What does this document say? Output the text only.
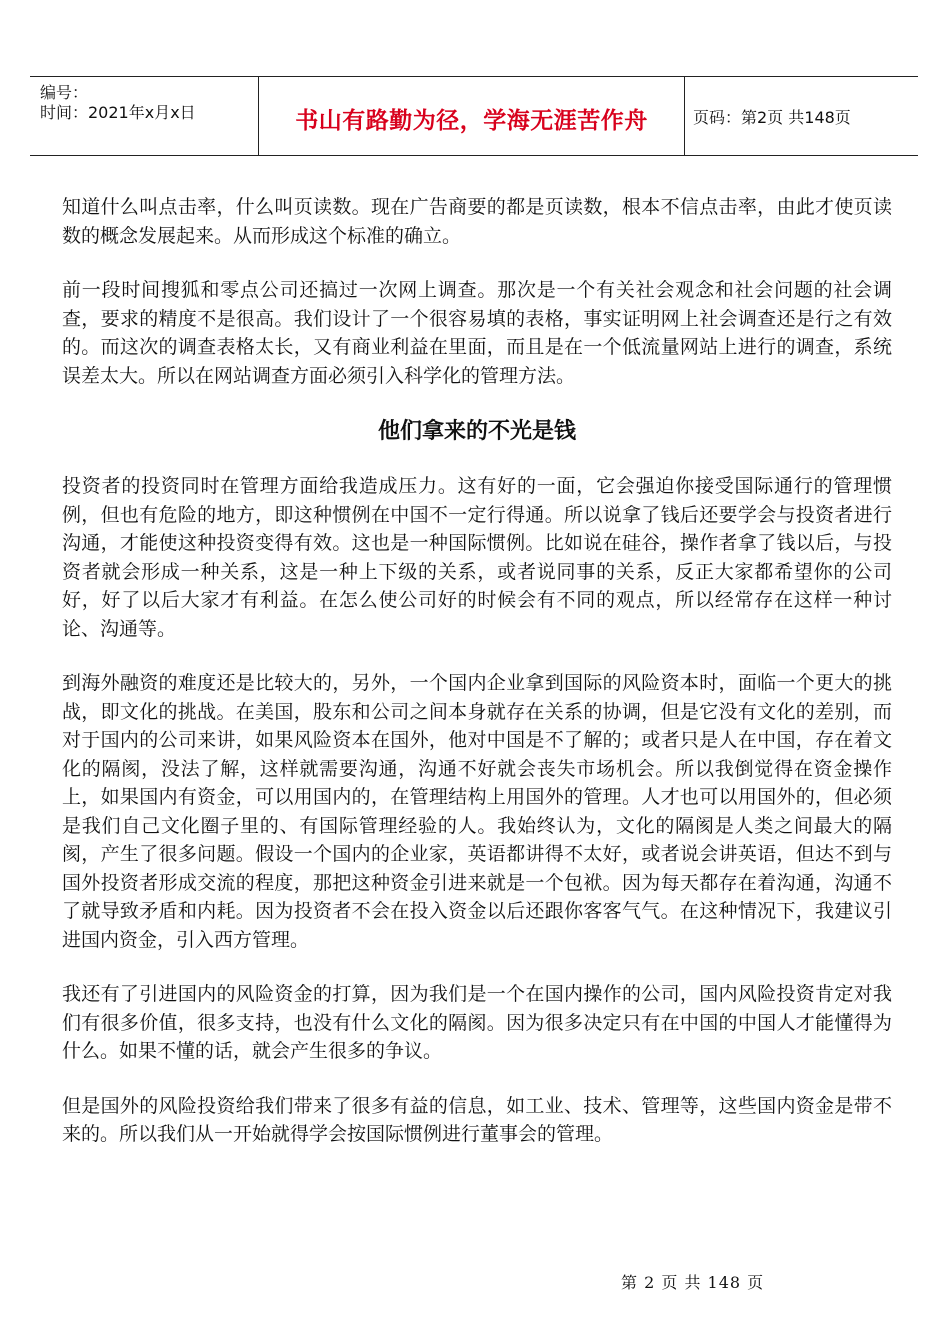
编号：
时间：2021年x月x日	书山有路勤为径，学海无涯苦作舟	页码：第2页 共148页

知道什么叫点击率，什么叫页读数。现在广告商要的都是页读数，根本不信点击率，由此才使页读数的概念发展起来。从而形成这个标准的确立。

前一段时间搜狐和零点公司还搞过一次网上调查。那次是一个有关社会观念和社会问题的社会调查，要求的精度不是很高。我们设计了一个很容易填的表格，事实证明网上社会调查还是行之有效的。而这次的调查表格太长，又有商业利益在里面，而且是在一个低流量网站上进行的调查，系统误差太大。所以在网站调查方面必须引入科学化的管理方法。

他们拿来的不光是钱

投资者的投资同时在管理方面给我造成压力。这有好的一面，它会强迫你接受国际通行的管理惯例，但也有危险的地方，即这种惯例在中国不一定行得通。所以说拿了钱后还要学会与投资者进行沟通，才能使这种投资变得有效。这也是一种国际惯例。比如说在硅谷，操作者拿了钱以后，与投资者就会形成一种关系，这是一种上下级的关系，或者说同事的关系，反正大家都希望你的公司好，好了以后大家才有利益。在怎么使公司好的时候会有不同的观点，所以经常存在这样一种讨论、沟通等。

到海外融资的难度还是比较大的，另外，一个国内企业拿到国际的风险资本时，面临一个更大的挑战，即文化的挑战。在美国，股东和公司之间本身就存在关系的协调，但是它没有文化的差别，而对于国内的公司来讲，如果风险资本在国外，他对中国是不了解的；或者只是人在中国，存在着文化的隔阂，没法了解，这样就需要沟通，沟通不好就会丧失市场机会。所以我倒觉得在资金操作上，如果国内有资金，可以用国内的，在管理结构上用国外的管理。人才也可以用国外的，但必须是我们自己文化圈子里的、有国际管理经验的人。我始终认为，文化的隔阂是人类之间最大的隔阂，产生了很多问题。假设一个国内的企业家，英语都讲得不太好，或者说会讲英语，但达不到与国外投资者形成交流的程度，那把这种资金引进来就是一个包袱。因为每天都存在着沟通，沟通不了就导致矛盾和内耗。因为投资者不会在投入资金以后还跟你客客气气。在这种情况下，我建议引进国内资金，引入西方管理。

我还有了引进国内的风险资金的打算，因为我们是一个在国内操作的公司，国内风险投资肯定对我们有很多价值，很多支持，也没有什么文化的隔阂。因为很多决定只有在中国的中国人才能懂得为什么。如果不懂的话，就会产生很多的争议。

但是国外的风险投资给我们带来了很多有益的信息，如工业、技术、管理等，这些国内资金是带不来的。所以我们从一开始就得学会按国际惯例进行董事会的管理。

第 2 页 共 148 页
